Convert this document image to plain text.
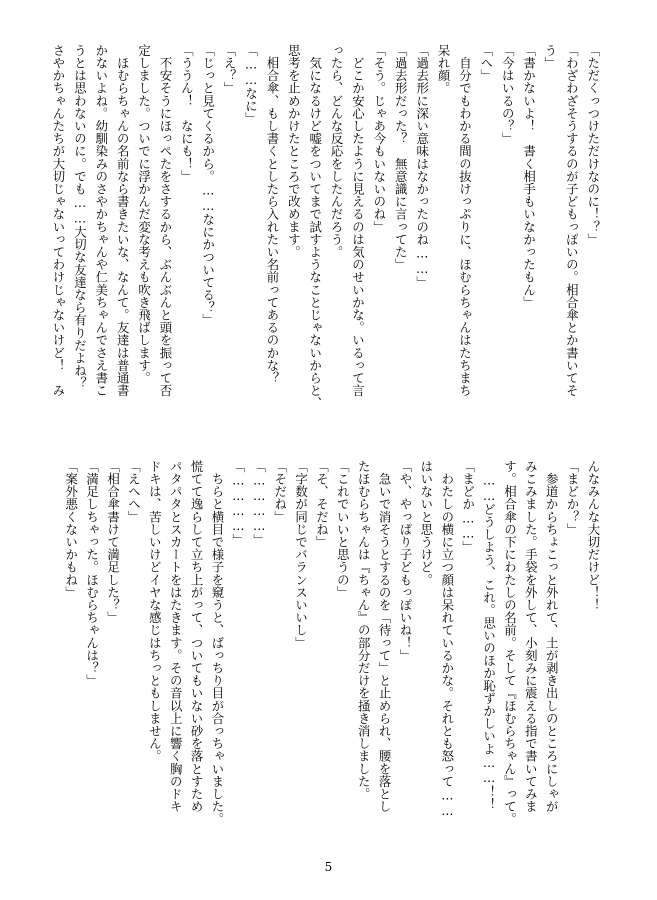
「ただくっつけただけなのに！？」
「わざわざそうするのが子どもっぽいの。相合傘とか書いてそ
う」
「書かないよ！　書く相手もいなかったもん」
「今はいるの？」
「へ」
　自分でもわかる間の抜けっぷりに、ほむらちゃんはたちまち
呆れ顔。
「過去形に深い意味はなかったのね……」
「過去形だった？　無意識に言ってた」
「そう。じゃあ今もいないのね」
　どこか安心したように見えるのは気のせいかな。いるって言
ったら、どんな反応をしたんだろう。
　気になるけど嘘をついてまで試すようなことじゃないからと、
思考を止めかけたところで改めます。
　相合傘、もし書くとしたら入れたい名前ってあるのかな？
「……なに」
「え？」
「じっと見てくるから。……なにかついてる？」
「ううん！　なにも！」
　不安そうにほっぺたをさするから、ぶんぶんと頭を振って否
定しました。ついでに浮かんだ変な考えも吹き飛ばします。
　ほむらちゃんの名前なら書きたいな、なんて。友達は普通書
かないよね。幼馴染みのさやかちゃんや仁美ちゃんでさえ書こ
うとは思わないのに。でも……大切な友達なら有りだよね？
さやかちゃんたちが大切じゃないってわけじゃないけど！　み
んなみんな大切だけど！！
「まどか？」
　参道からちょこっと外れて、土が剥き出しのところにしゃが
みこみました。手袋を外して、小刻みに震える指で書いてみま
す。相合傘の下にわたしの名前。そして『ほむらちゃん』って。
　……どうしよう、これ。思いのほか恥ずかしいよ……！！
「まどか……」
　わたしの横に立つ顔は呆れているかな。それとも怒って……
はいないと思うけど。
「や、やっぱり子どもっぽいね！」
　急いで消そうとするのを「待って」と止められ、腰を落とし
たほむらちゃんは『ちゃん』の部分だけを掻き消しました。
「これでいいと思うの」
「そ、そだね」
「字数が同じでバランスいいし」
「そだね」
「…………」
「…………」
　ちらと横目で様子を窺うと、ばっちり目が合っちゃいました。
慌てて逸らして立ち上がって、ついてもいない砂を落とすため
パタパタとスカートをはたきます。その音以上に響く胸のドキ
ドキは、苦しいけどイヤな感じはちっともしません。
「えへへ」
「相合傘書けて満足した？」
「満足しちゃった。ほむらちゃんは？」
「案外悪くないかもね」
5
